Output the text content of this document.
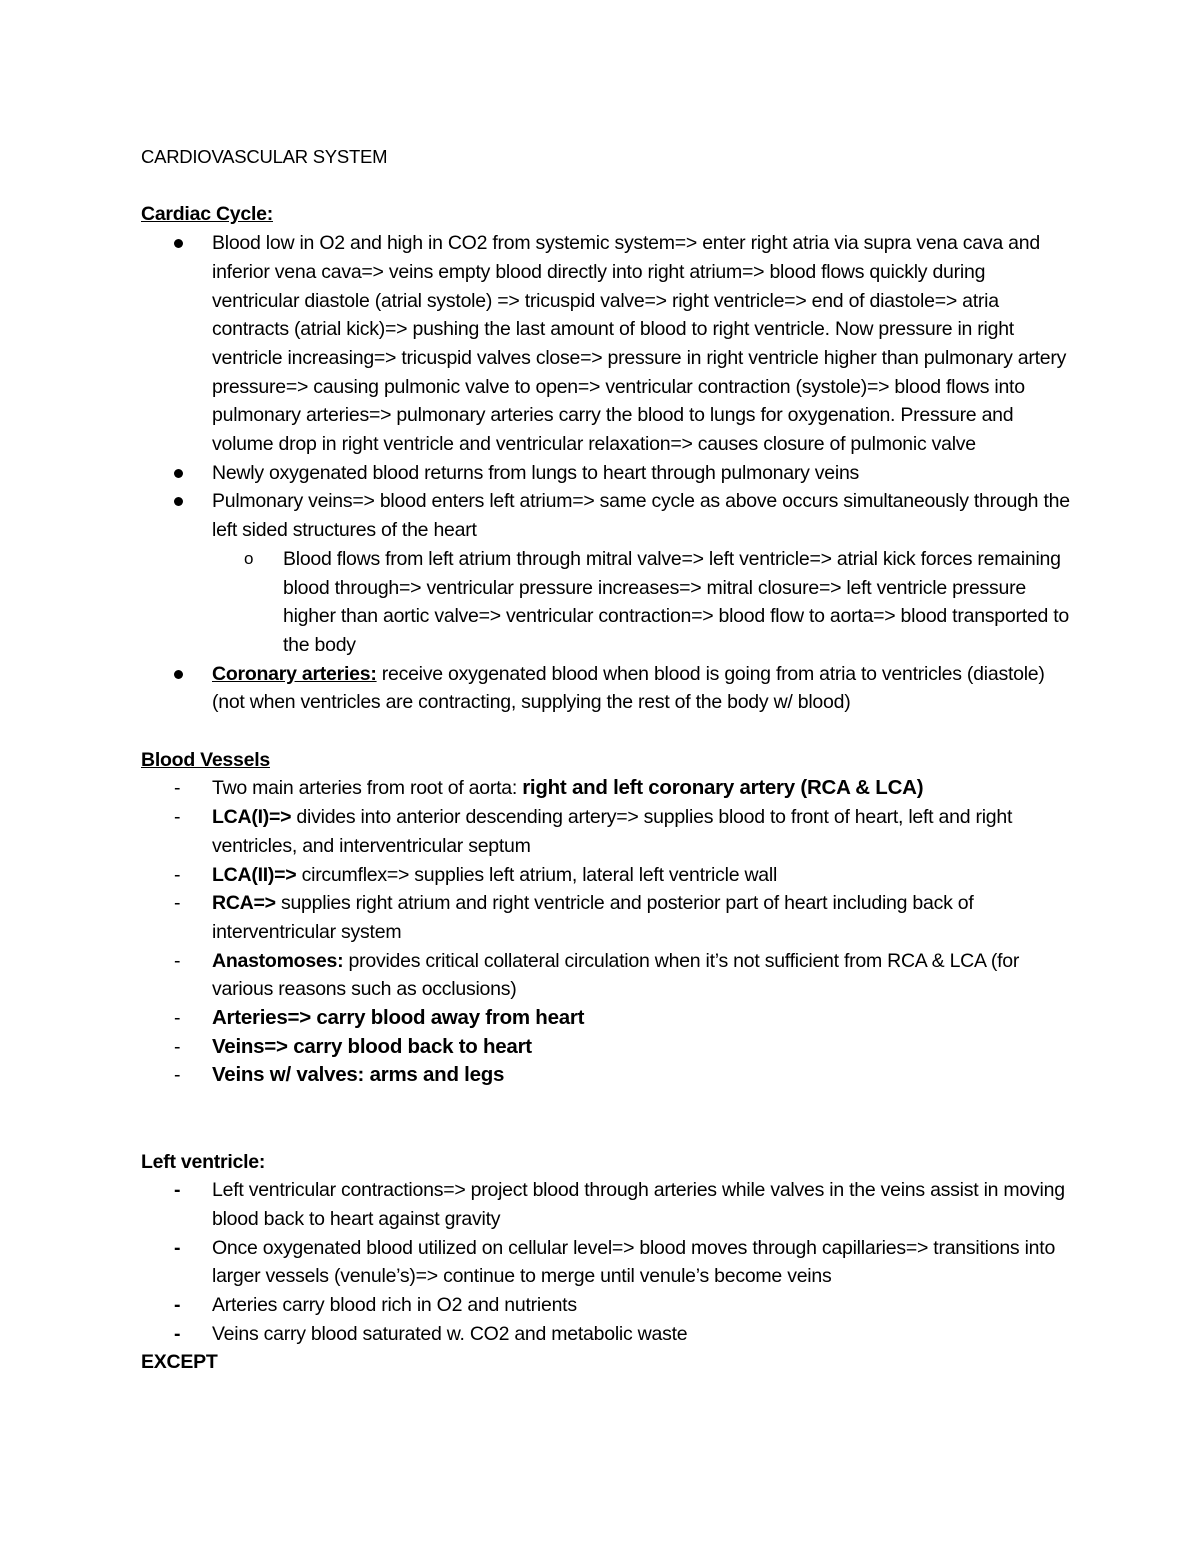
CARDIOVASCULAR SYSTEM

Cardiac Cycle:

Blood low in O2 and high in CO2 from systemic system=> enter right atria via supra vena cava and inferior vena cava=> veins empty blood directly into right atrium=> blood flows quickly during ventricular diastole (atrial systole) => tricuspid valve=> right ventricle=> end of diastole=> atria contracts (atrial kick)=> pushing the last amount of blood to right ventricle. Now pressure in right ventricle increasing=> tricuspid valves close=> pressure in right ventricle higher than pulmonary artery pressure=> causing pulmonic valve to open=> ventricular contraction (systole)=> blood flows into pulmonary arteries=> pulmonary arteries carry the blood to lungs for oxygenation. Pressure and volume drop in right ventricle and ventricular relaxation=> causes closure of pulmonic valve
Newly oxygenated blood returns from lungs to heart through pulmonary veins
Pulmonary veins=> blood enters left atrium=> same cycle as above occurs simultaneously through the left sided structures of the heart
o	Blood flows from left atrium through mitral valve=> left ventricle=> atrial kick forces remaining blood through=> ventricular pressure increases=> mitral closure=> left ventricle pressure higher than aortic valve=> ventricular contraction=> blood flow to aorta=> blood transported to the body
Coronary arteries: receive oxygenated blood when blood is going from atria to ventricles (diastole) (not when ventricles are contracting, supplying the rest of the body w/ blood)

Blood Vessels

-	Two main arteries from root of aorta: right and left coronary artery (RCA & LCA)
-	LCA(I)=> divides into anterior descending artery=> supplies blood to front of heart, left and right ventricles, and interventricular septum
-	LCA(II)=> circumflex=> supplies left atrium, lateral left ventricle wall
-	RCA=> supplies right atrium and right ventricle and posterior part of heart including back of interventricular system
-	Anastomoses: provides critical collateral circulation when it’s not sufficient from RCA & LCA (for various reasons such as occlusions)
-	Arteries=> carry blood away from heart
-	Veins=> carry blood back to heart
-	Veins w/ valves: arms and legs

Left ventricle:

-	Left ventricular contractions=> project blood through arteries while valves in the veins assist in moving blood back to heart against gravity
-	Once oxygenated blood utilized on cellular level=> blood moves through capillaries=> transitions into larger vessels (venule’s)=> continue to merge until venule’s become veins
-	Arteries carry blood rich in O2 and nutrients
-	Veins carry blood saturated w. CO2 and metabolic waste

EXCEPT
